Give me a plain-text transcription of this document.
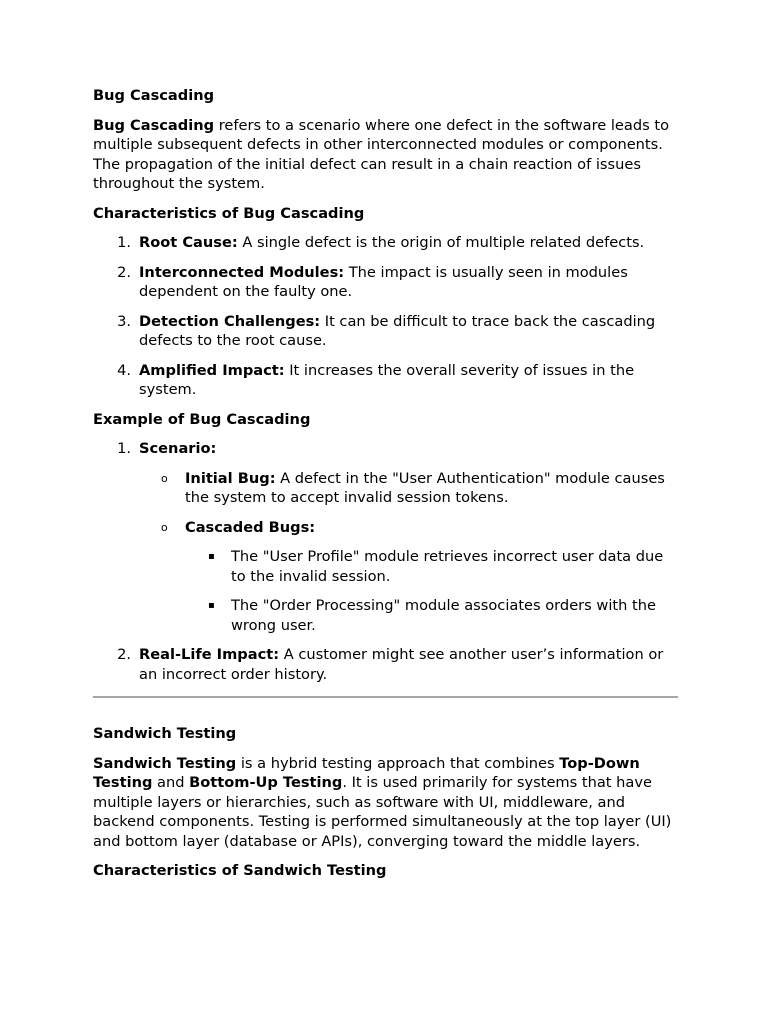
Bug Cascading

Bug Cascading refers to a scenario where one defect in the software leads to multiple subsequent defects in other interconnected modules or components. The propagation of the initial defect can result in a chain reaction of issues throughout the system.

Characteristics of Bug Cascading

1. Root Cause: A single defect is the origin of multiple related defects.
2. Interconnected Modules: The impact is usually seen in modules dependent on the faulty one.
3. Detection Challenges: It can be difficult to trace back the cascading defects to the root cause.
4. Amplified Impact: It increases the overall severity of issues in the system.

Example of Bug Cascading

1. Scenario:
o Initial Bug: A defect in the "User Authentication" module causes the system to accept invalid session tokens.
o Cascaded Bugs:
▪ The "User Profile" module retrieves incorrect user data due to the invalid session.
▪ The "Order Processing" module associates orders with the wrong user.
2. Real-Life Impact: A customer might see another user’s information or an incorrect order history.

Sandwich Testing

Sandwich Testing is a hybrid testing approach that combines Top-Down Testing and Bottom-Up Testing. It is used primarily for systems that have multiple layers or hierarchies, such as software with UI, middleware, and backend components. Testing is performed simultaneously at the top layer (UI) and bottom layer (database or APIs), converging toward the middle layers.

Characteristics of Sandwich Testing
